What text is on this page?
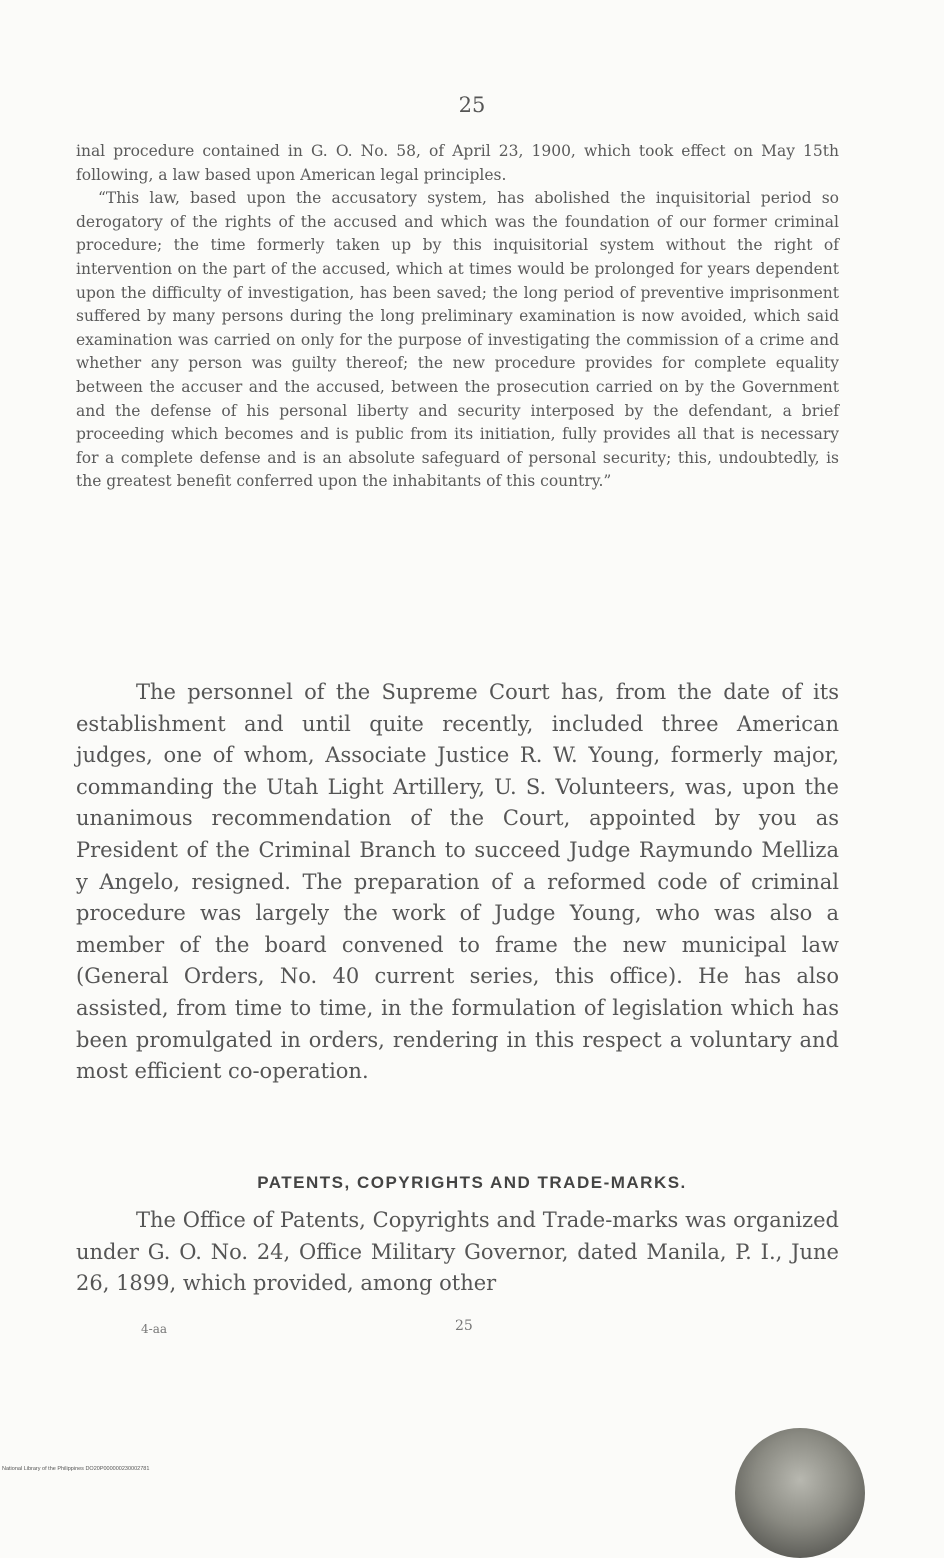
25

inal procedure contained in G. O. No. 58, of April 23, 1900, which took effect on May 15th following, a law based upon American legal principles.

“This law, based upon the accusatory system, has abolished the inquisitorial period so derogatory of the rights of the accused and which was the foundation of our former criminal procedure; the time formerly taken up by this inquisitorial system without the right of intervention on the part of the accused, which at times would be prolonged for years dependent upon the difficulty of investigation, has been saved; the long period of preventive imprisonment suffered by many persons during the long preliminary examination is now avoided, which said examination was carried on only for the purpose of investigating the commission of a crime and whether any person was guilty thereof; the new procedure provides for complete equality between the accuser and the accused, between the prosecution carried on by the Government and the defense of his personal liberty and security interposed by the defendant, a brief proceeding which becomes and is public from its initiation, fully provides all that is necessary for a complete defense and is an absolute safeguard of personal security; this, undoubtedly, is the greatest benefit conferred upon the inhabitants of this country.”

The personnel of the Supreme Court has, from the date of its establishment and until quite recently, included three American judges, one of whom, Associate Justice R. W. Young, formerly major, commanding the Utah Light Artillery, U. S. Volunteers, was, upon the unanimous recommendation of the Court, appointed by you as President of the Criminal Branch to succeed Judge Raymundo Melliza y Angelo, resigned. The preparation of a reformed code of criminal procedure was largely the work of Judge Young, who was also a member of the board convened to frame the new municipal law (General Orders, No. 40 current series, this office). He has also assisted, from time to time, in the formulation of legislation which has been promulgated in orders, rendering in this respect a voluntary and most efficient co-operation.

PATENTS, COPYRIGHTS AND TRADE-MARKS.

The Office of Patents, Copyrights and Trade-marks was organized under G. O. No. 24, Office Military Governor, dated Manila, P. I., June 26, 1899, which provided, among other

4-aa	25
National Library of the Philippines DO20P000000230002781
